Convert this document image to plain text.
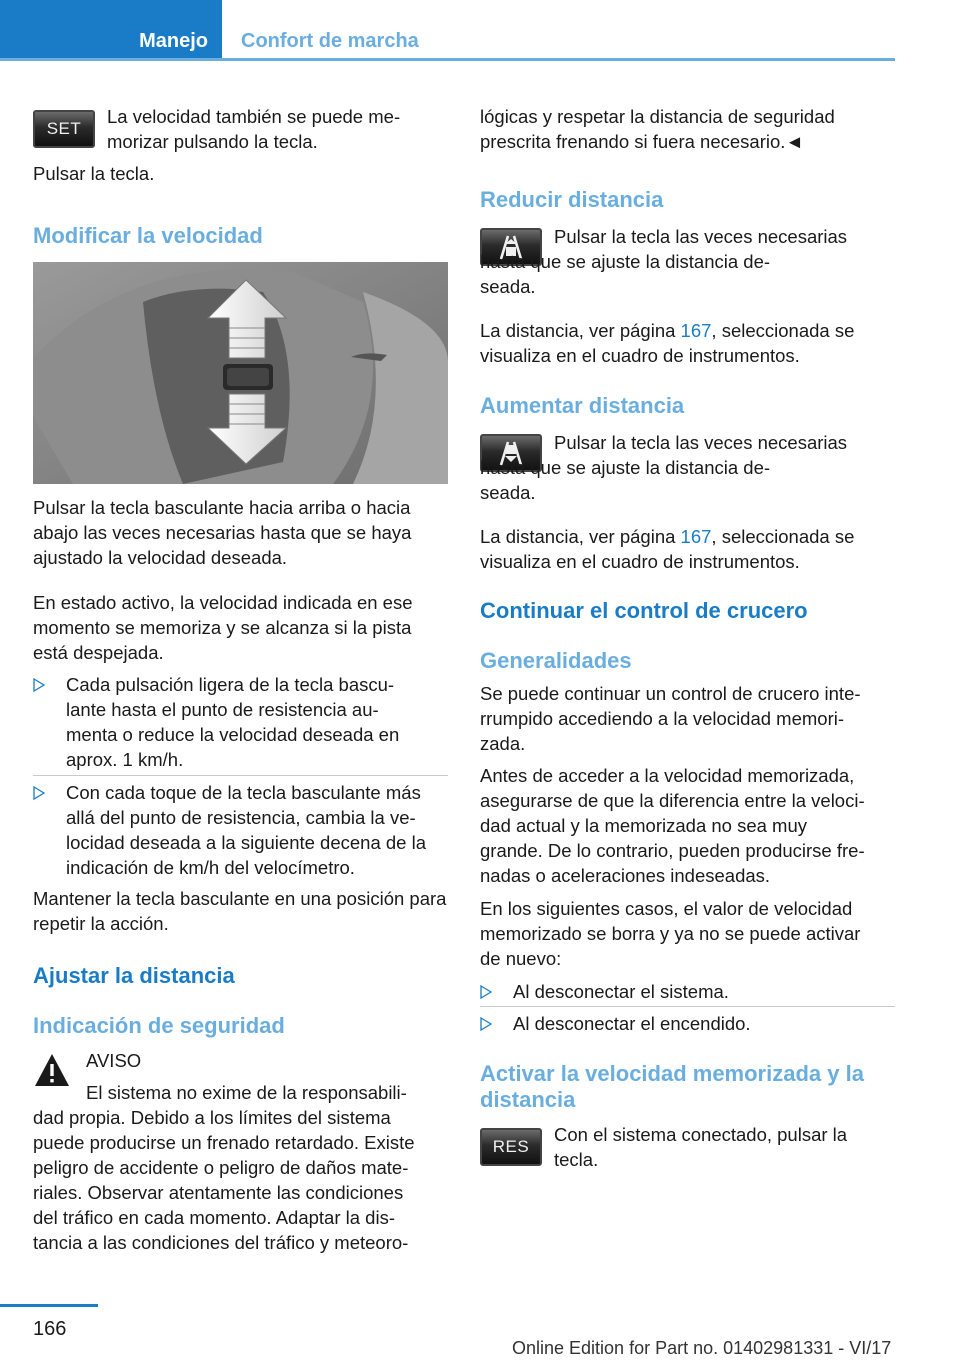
Manejo Confort de marcha
SET
La velocidad también se puede me-
morizar pulsando la tecla.
Pulsar la tecla.
Modificar la velocidad
Pulsar la tecla basculante hacia arriba o hacia abajo las veces necesarias hasta que se haya ajustado la velocidad deseada.
En estado activo, la velocidad indicada en ese momento se memoriza y se alcanza si la pista está despejada.
Cada pulsación ligera de la tecla bascu-
lante hasta el punto de resistencia au-
menta o reduce la velocidad deseada en
aprox. 1 km/h.
Con cada toque de la tecla basculante más
allá del punto de resistencia, cambia la ve-
locidad deseada a la siguiente decena de la
indicación de km/h del velocímetro.
Mantener la tecla basculante en una posición para repetir la acción.
Ajustar la distancia
Indicación de seguridad
AVISO
El sistema no exime de la responsabili-
dad propia. Debido a los límites del sistema
puede producirse un frenado retardado. Existe
peligro de accidente o peligro de daños mate-
riales. Observar atentamente las condiciones
del tráfico en cada momento. Adaptar la dis-
tancia a las condiciones del tráfico y meteoro-
lógicas y respetar la distancia de seguridad
prescrita frenando si fuera necesario.◄
Reducir distancia
Pulsar la tecla las veces necesarias
hasta que se ajuste la distancia de-
seada.
La distancia, ver página 167, seleccionada se
visualiza en el cuadro de instrumentos.
Aumentar distancia
Pulsar la tecla las veces necesarias
hasta que se ajuste la distancia de-
seada.
La distancia, ver página 167, seleccionada se
visualiza en el cuadro de instrumentos.
Continuar el control de crucero
Generalidades
Se puede continuar un control de crucero inte-
rrumpido accediendo a la velocidad memori-
zada.
Antes de acceder a la velocidad memorizada,
asegurarse de que la diferencia entre la veloci-
dad actual y la memorizada no sea muy
grande. De lo contrario, pueden producirse fre-
nadas o aceleraciones indeseadas.
En los siguientes casos, el valor de velocidad
memorizado se borra y ya no se puede activar
de nuevo:
Al desconectar el sistema.
Al desconectar el encendido.
Activar la velocidad memorizada y la
distancia
RES
Con el sistema conectado, pulsar la
tecla.
166
Online Edition for Part no. 01402981331 - VI/17
